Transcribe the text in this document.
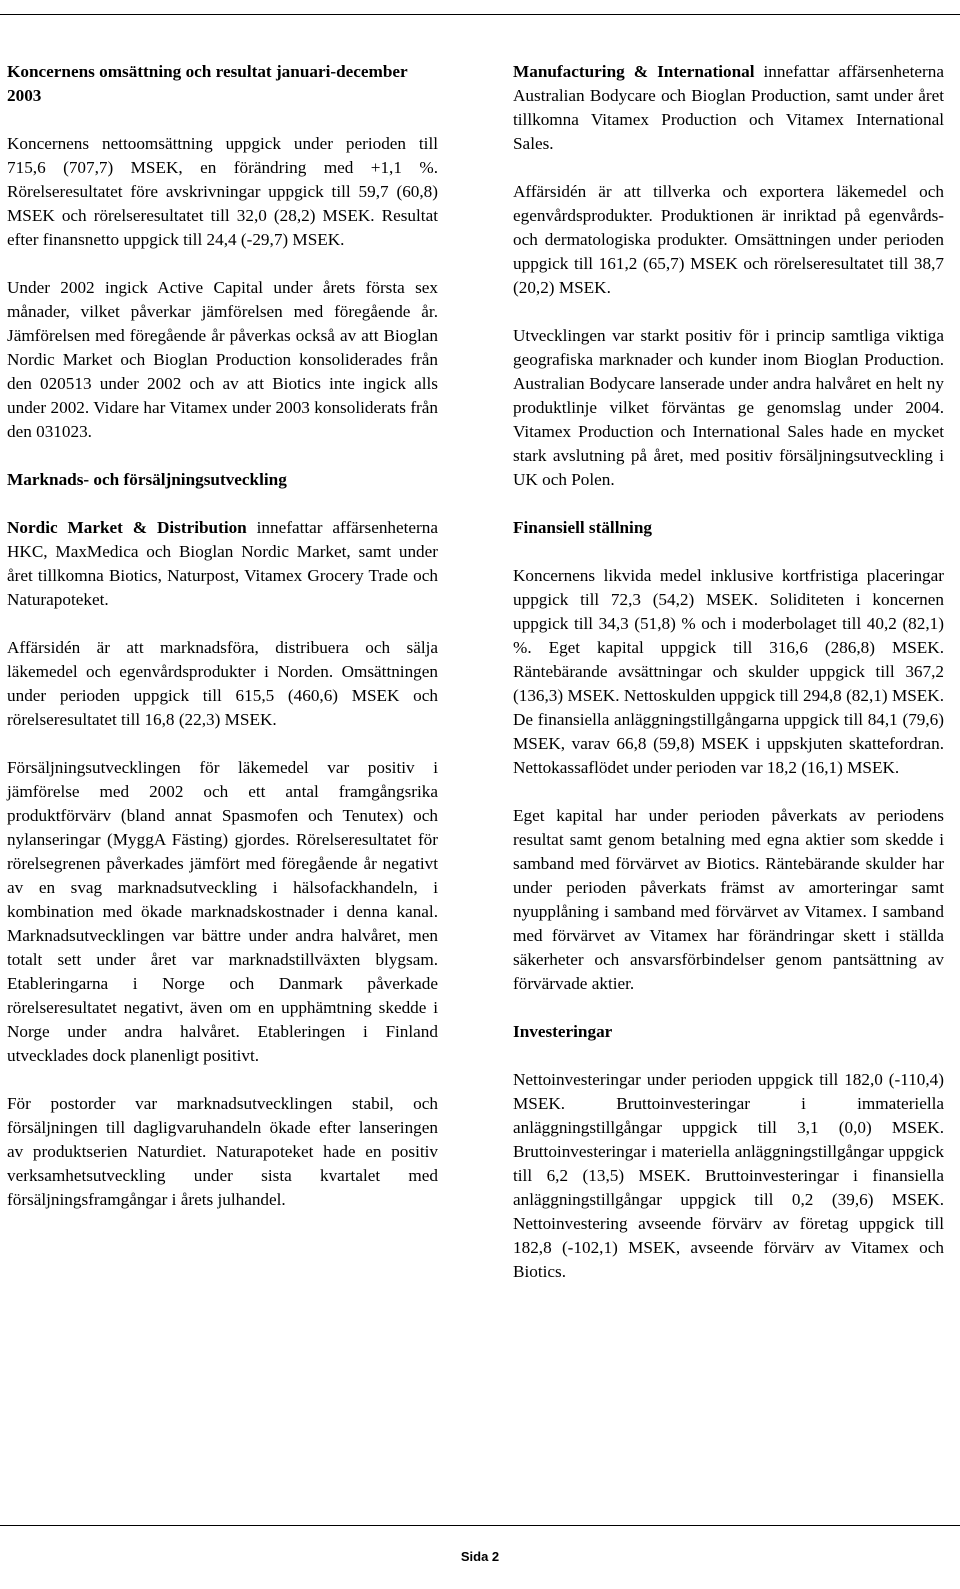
Koncernens omsättning och resultat januari-december 2003

Koncernens nettoomsättning uppgick under perioden till 715,6 (707,7) MSEK, en förändring med +1,1 %. Rörelseresultatet före avskrivningar uppgick till 59,7 (60,8) MSEK och rörelseresultatet till 32,0 (28,2) MSEK. Resultat efter finansnetto uppgick till 24,4 (-29,7) MSEK.

Under 2002 ingick Active Capital under årets första sex månader, vilket påverkar jämförelsen med föregående år. Jämförelsen med föregående år påverkas också av att Bioglan Nordic Market och Bioglan Production konsoliderades från den 020513 under 2002 och av att Biotics inte ingick alls under 2002. Vidare har Vitamex under 2003 konsoliderats från den 031023.

Marknads- och försäljningsutveckling

Nordic Market & Distribution innefattar affärsenheterna HKC, MaxMedica och Bioglan Nordic Market, samt under året tillkomna Biotics, Naturpost, Vitamex Grocery Trade och Naturapoteket.

Affärsidén är att marknadsföra, distribuera och sälja läkemedel och egenvårdsprodukter i Norden. Omsättningen under perioden uppgick till 615,5 (460,6) MSEK och rörelseresultatet till 16,8 (22,3) MSEK.

Försäljningsutvecklingen för läkemedel var positiv i jämförelse med 2002 och ett antal framgångsrika produktförvärv (bland annat Spasmofen och Tenutex) och nylanseringar (MyggA Fästing) gjordes. Rörelseresultatet för rörelsegrenen påverkades jämfört med föregående år negativt av en svag marknadsutveckling i hälsofackhandeln, i kombination med ökade marknadskostnader i denna kanal. Marknadsutvecklingen var bättre under andra halvåret, men totalt sett under året var marknadstillväxten blygsam. Etableringarna i Norge och Danmark påverkade rörelseresultatet negativt, även om en upphämtning skedde i Norge under andra halvåret. Etableringen i Finland utvecklades dock planenligt positivt.

För postorder var marknadsutvecklingen stabil, och försäljningen till dagligvaruhandeln ökade efter lanseringen av produktserien Naturdiet. Naturapoteket hade en positiv verksamhetsutveckling under sista kvartalet med försäljningsframgångar i årets julhandel.

Manufacturing & International innefattar affärsenheterna Australian Bodycare och Bioglan Production, samt under året tillkomna Vitamex Production och Vitamex International Sales.

Affärsidén är att tillverka och exportera läkemedel och egenvårdsprodukter. Produktionen är inriktad på egenvårds- och dermatologiska produkter. Omsättningen under perioden uppgick till 161,2 (65,7) MSEK och rörelseresultatet till 38,7 (20,2) MSEK.

Utvecklingen var starkt positiv för i princip samtliga viktiga geografiska marknader och kunder inom Bioglan Production. Australian Bodycare lanserade under andra halvåret en helt ny produktlinje vilket förväntas ge genomslag under 2004. Vitamex Production och International Sales hade en mycket stark avslutning på året, med positiv försäljningsutveckling i UK och Polen.

Finansiell ställning

Koncernens likvida medel inklusive kortfristiga placeringar uppgick till 72,3 (54,2) MSEK. Soliditeten i koncernen uppgick till 34,3 (51,8) % och i moderbolaget till 40,2 (82,1) %. Eget kapital uppgick till 316,6 (286,8) MSEK. Räntebärande avsättningar och skulder uppgick till 367,2 (136,3) MSEK. Nettoskulden uppgick till 294,8 (82,1) MSEK. De finansiella anläggningstillgångarna uppgick till 84,1 (79,6) MSEK, varav 66,8 (59,8) MSEK i uppskjuten skattefordran. Nettokassaflödet under perioden var 18,2 (16,1) MSEK.

Eget kapital har under perioden påverkats av periodens resultat samt genom betalning med egna aktier som skedde i samband med förvärvet av Biotics. Räntebärande skulder har under perioden påverkats främst av amorteringar samt nyupplåning i samband med förvärvet av Vitamex. I samband med förvärvet av Vitamex har förändringar skett i ställda säkerheter och ansvarsförbindelser genom pantsättning av förvärvade aktier.

Investeringar

Nettoinvesteringar under perioden uppgick till 182,0 (-110,4) MSEK. Bruttoinvesteringar i immateriella anläggningstillgångar uppgick till 3,1 (0,0) MSEK. Bruttoinvesteringar i materiella anläggningstillgångar uppgick till 6,2 (13,5) MSEK. Bruttoinvesteringar i finansiella anläggningstillgångar uppgick till 0,2 (39,6) MSEK. Nettoinvestering avseende förvärv av företag uppgick till 182,8 (-102,1) MSEK, avseende förvärv av Vitamex och Biotics.

Sida 2
